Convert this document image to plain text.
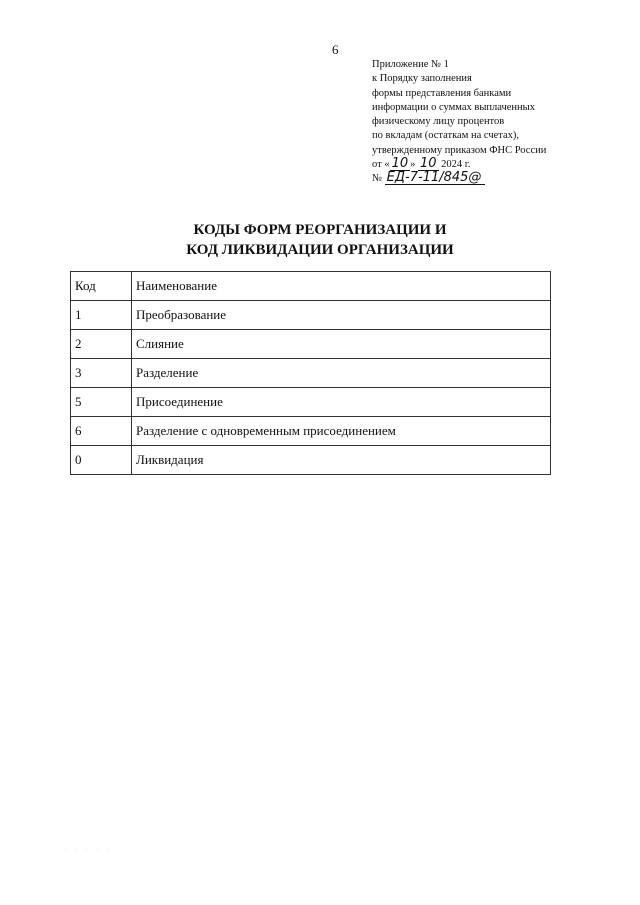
6
Приложение № 1
к Порядку заполнения
формы представления банками
информации о суммах выплаченных
физическому лицу процентов
по вкладам (остаткам на счетах),
утвержденному приказом ФНС России
от « 10 » 10 2024 г.
№ ЕД-7-11/845@
КОДЫ ФОРМ РЕОРГАНИЗАЦИИ И
КОД ЛИКВИДАЦИИ ОРГАНИЗАЦИИ
Код	Наименование
1	Преобразование
2	Слияние
3	Разделение
5	Присоединение
6	Разделение с одновременным присоединением
0	Ликвидация
· · · · ·
